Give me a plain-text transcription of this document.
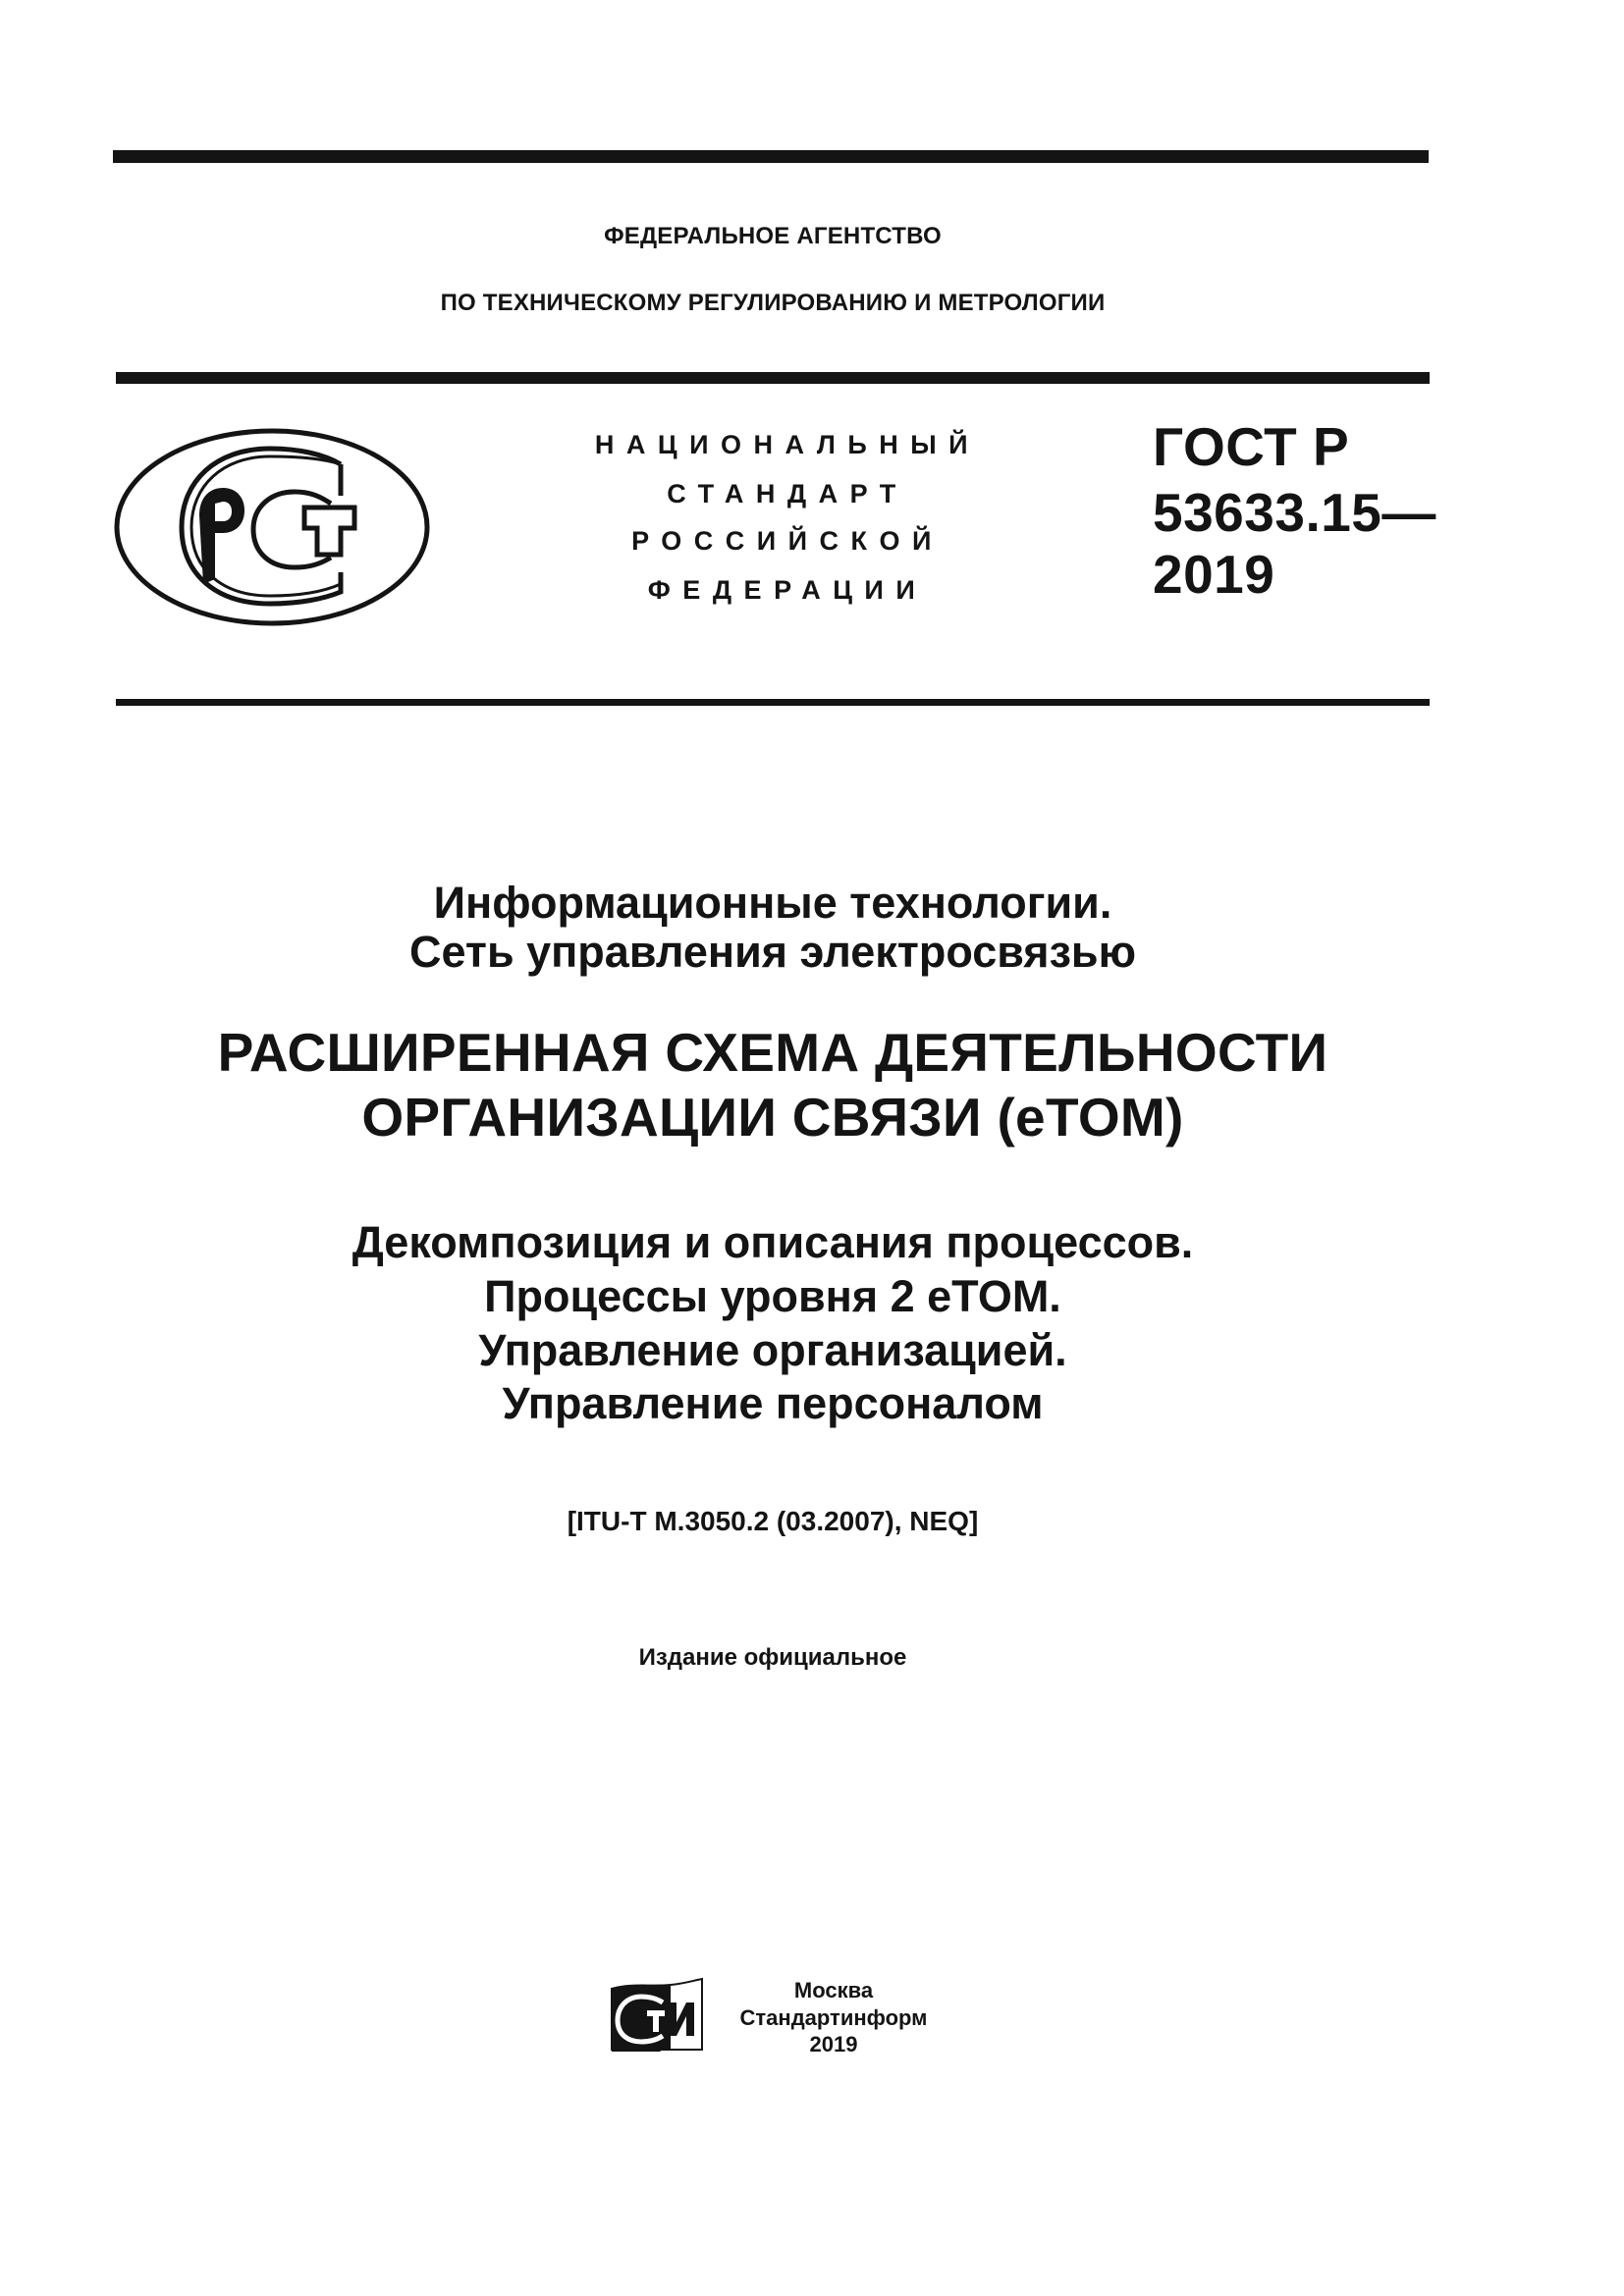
ФЕДЕРАЛЬНОЕ АГЕНТСТВО
ПО ТЕХНИЧЕСКОМУ РЕГУЛИРОВАНИЮ И МЕТРОЛОГИИ
НАЦИОНАЛЬНЫЙ
СТАНДАРТ
РОССИЙСКОЙ
ФЕДЕРАЦИИ
ГОСТ Р
53633.15—
2019
Информационные технологии.
Сеть управления электросвязью
РАСШИРЕННАЯ СХЕМА ДЕЯТЕЛЬНОСТИ
ОРГАНИЗАЦИИ СВЯЗИ (eTOM)
Декомпозиция и описания процессов.
Процессы уровня 2 eTOM.
Управление организацией.
Управление персоналом
[ITU-T M.3050.2 (03.2007), NEQ]
Издание официальное
Москва
Стандартинформ
2019
